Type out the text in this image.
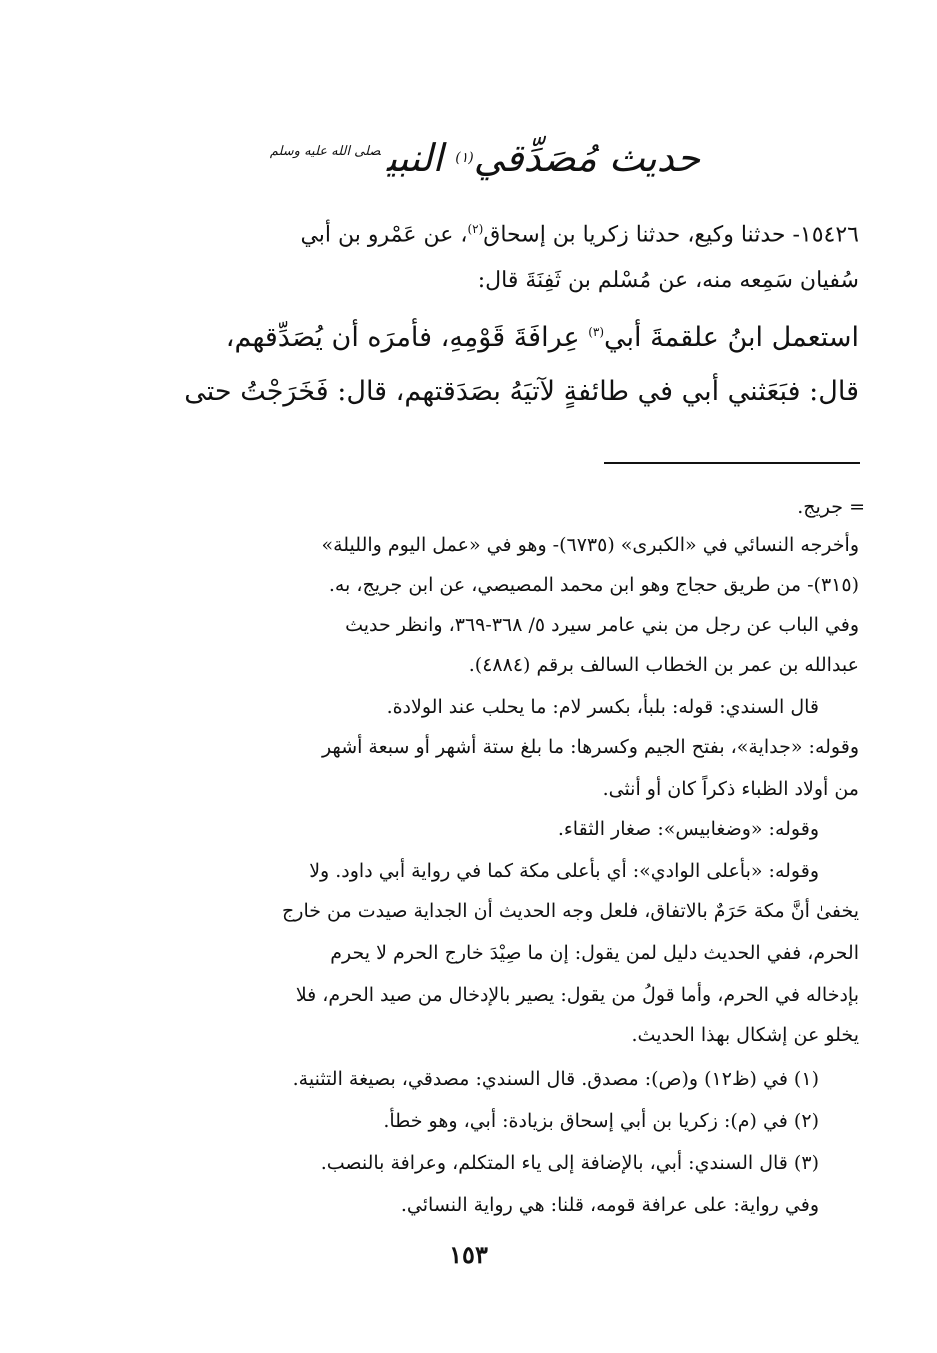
حديث مُصَدِّقي$^{(١)}$ النبي$^{صلى الله عليه وسلم}$
١٥٤٢٦- حدثنا وكيع، حدثنا زكريا بن إسحاق$^{(٢)}$، عن عَمْرو بن أبي
سُفيان سَمِعه منه، عن مُسْلم بن ثَفِنَةَ قال:
استعمل ابنُ علقمةَ أبي$^{(٣)}$ عِرافَةَ قَوْمِهِ، فأمرَه أن يُصَدِّقهم،
قال: فبَعَثني أبي في طائفةٍ لآتيَهُ بصَدَقتهم، قال: فَخَرَجْتُ حتى
= جريج.
وأخرجه النسائي في «الكبرى» (٦٧٣٥)- وهو في «عمل اليوم والليلة»
(٣١٥)- من طريق حجاج وهو ابن محمد المصيصي، عن ابن جريج، به.
وفي الباب عن رجل من بني عامر سيرد ٥/ ٣٦٨-٣٦٩، وانظر حديث
عبدالله بن عمر بن الخطاب السالف برقم (٤٨٨٤).
قال السندي: قوله: بلبأ، بكسر لام: ما يحلب عند الولادة.
وقوله: «جداية»، بفتح الجيم وكسرها: ما بلغ ستة أشهر أو سبعة أشهر
من أولاد الظباء ذكراً كان أو أنثى.
وقوله: «وضغابيس»: صغار الثقاء.
وقوله: «بأعلى الوادي»: أي بأعلى مكة كما في رواية أبي داود. ولا
يخفىٰ أنَّ مكة حَرَمٌ بالاتفاق، فلعل وجه الحديث أن الجداية صيدت من خارج
الحرم، ففي الحديث دليل لمن يقول: إن ما صِيْدَ خارج الحرم لا يحرم
بإدخاله في الحرم، وأما قولُ من يقول: يصير بالإدخال من صيد الحرم، فلا
يخلو عن إشكال بهذا الحديث.
(١) في (ظ١٢) و(ص): مصدق. قال السندي: مصدقي، بصيغة التثنية.
(٢) في (م): زكريا بن أبي إسحاق بزيادة: أبي، وهو خطأ.
(٣) قال السندي: أبي، بالإضافة إلى ياء المتكلم، وعرافة بالنصب.
وفي رواية: على عرافة قومه، قلنا: هي رواية النسائي.
١٥٣
